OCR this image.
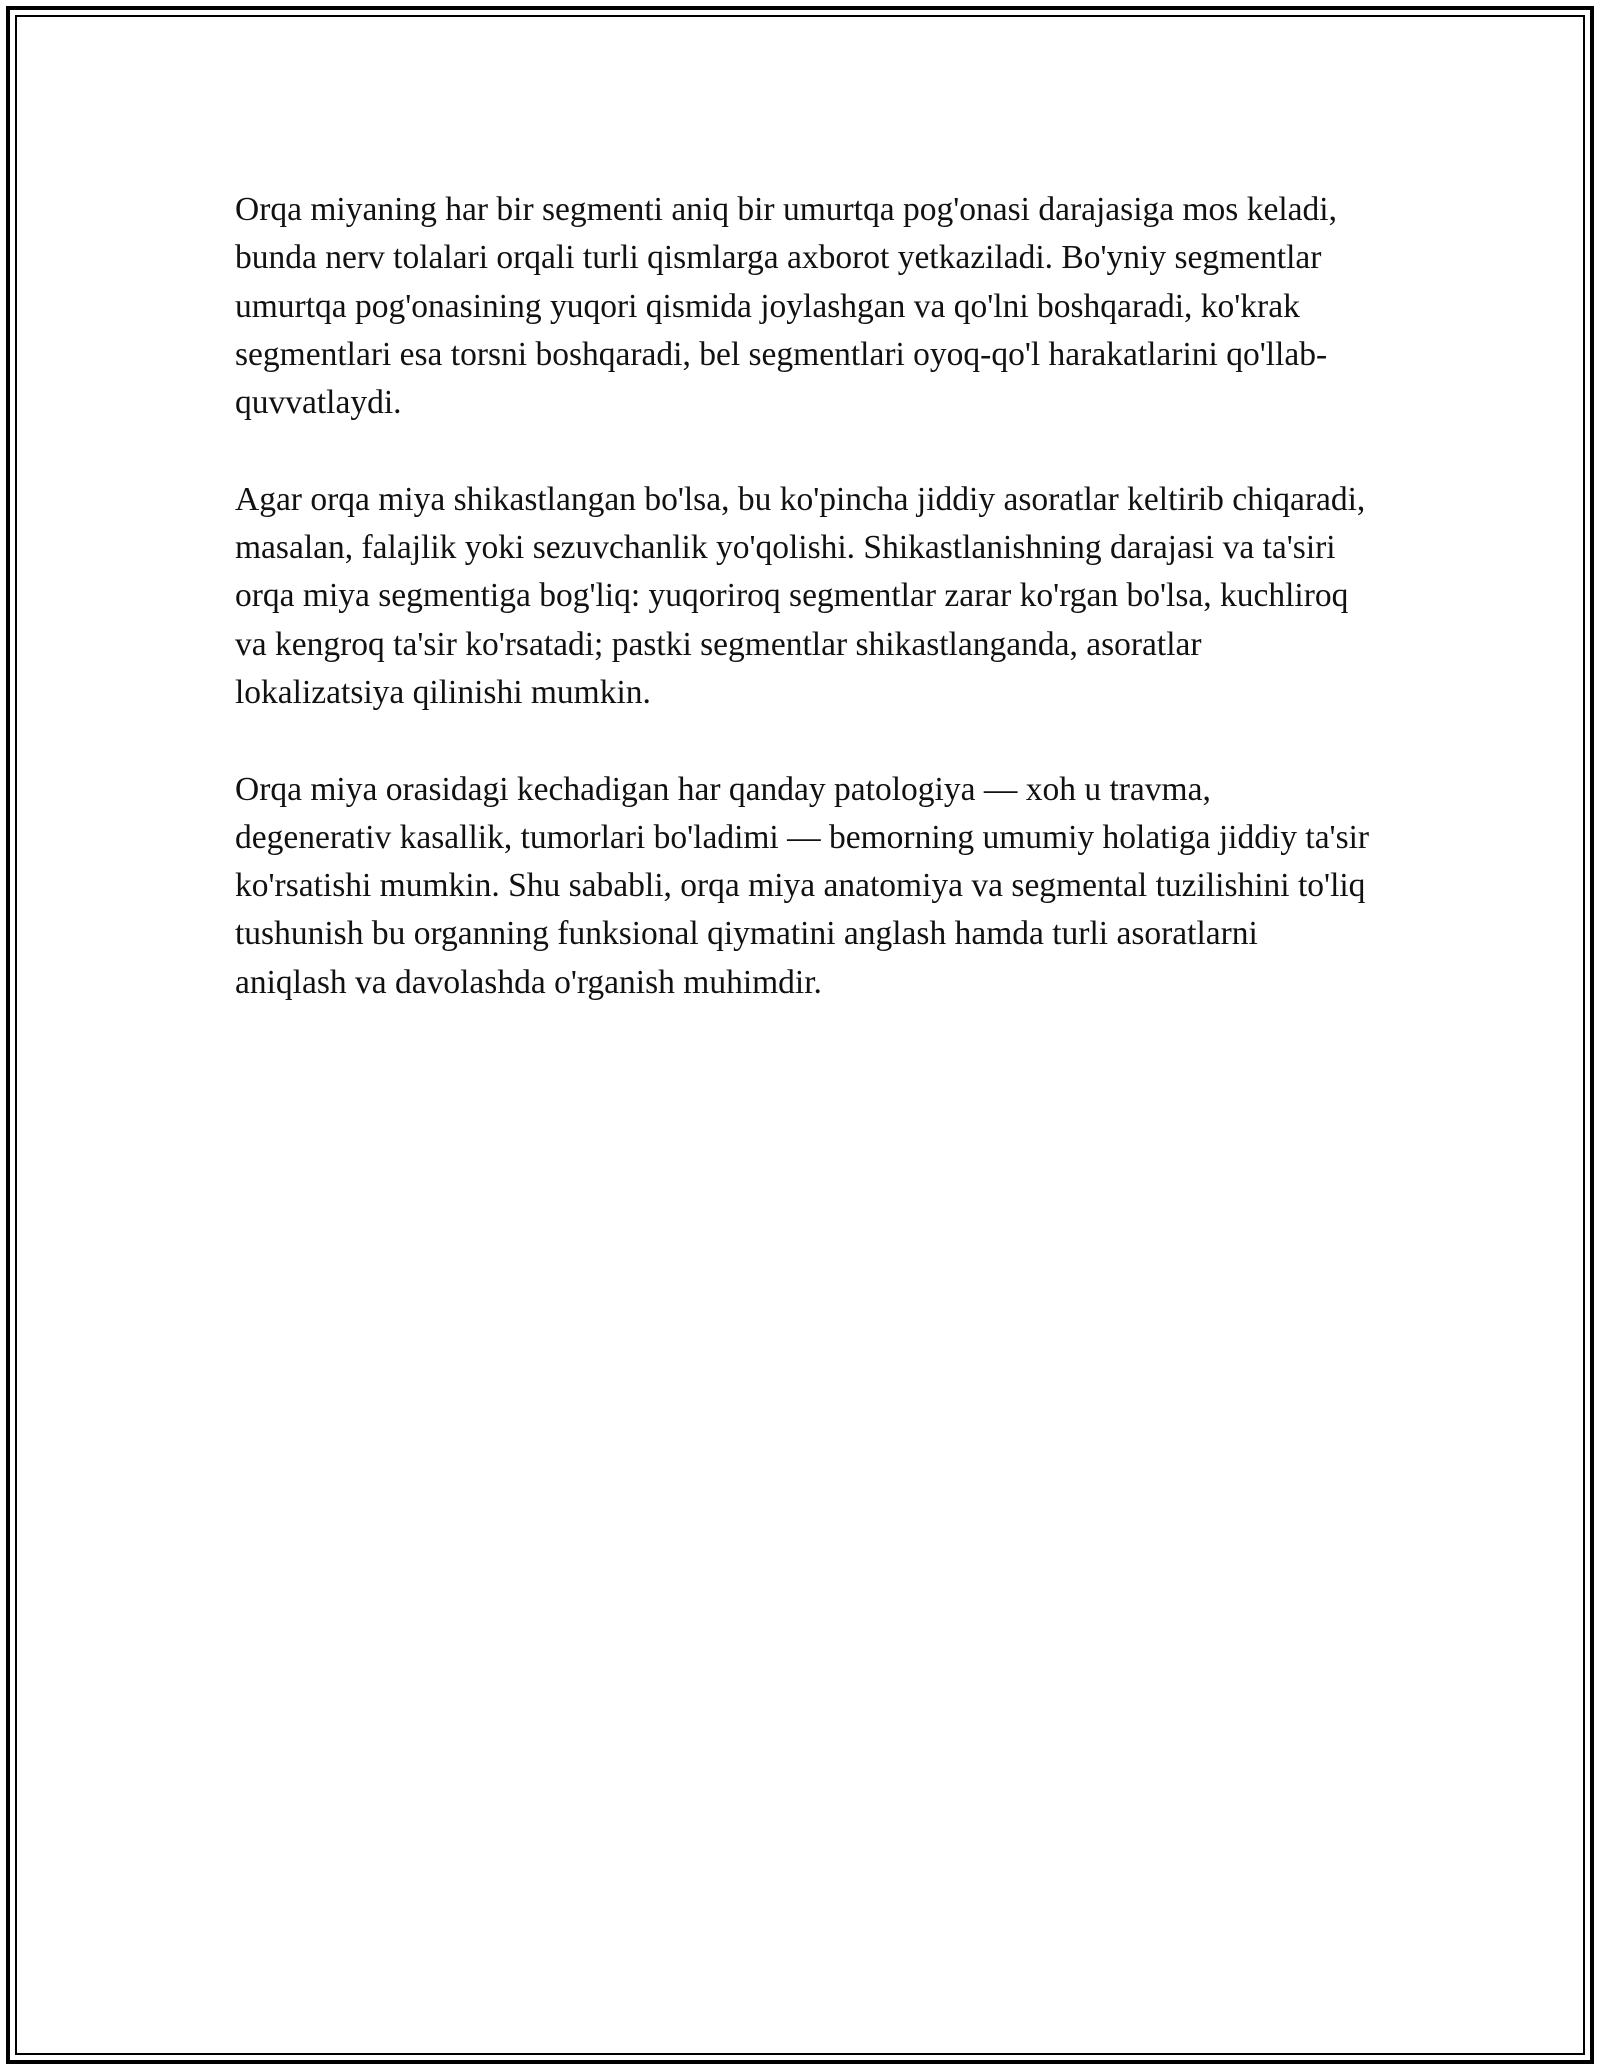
Orqa miyaning har bir segmenti aniq bir umurtqa pog'onasi darajasiga mos keladi, bunda nerv tolalari orqali turli qismlarga axborot yetkaziladi. Bo'yniy segmentlar umurtqa pog'onasining yuqori qismida joylashgan va qo'lni boshqaradi, ko'krak segmentlari esa torsni boshqaradi, bel segmentlari oyoq-qo'l harakatlarini qo'llab-quvvatlaydi.

Agar orqa miya shikastlangan bo'lsa, bu ko'pincha jiddiy asoratlar keltirib chiqaradi, masalan, falajlik yoki sezuvchanlik yo'qolishi. Shikastlanishning darajasi va ta'siri orqa miya segmentiga bog'liq: yuqoriroq segmentlar zarar ko'rgan bo'lsa, kuchliroq va kengroq ta'sir ko'rsatadi; pastki segmentlar shikastlanganda, asoratlar lokalizatsiya qilinishi mumkin.

Orqa miya orasidagi kechadigan har qanday patologiya — xoh u travma, degenerativ kasallik, tumorlari bo'ladimi — bemorning umumiy holatiga jiddiy ta'sir ko'rsatishi mumkin. Shu sababli, orqa miya anatomiya va segmental tuzilishini to'liq tushunish bu organning funksional qiymatini anglash hamda turli asoratlarni aniqlash va davolashda o'rganish muhimdir.
